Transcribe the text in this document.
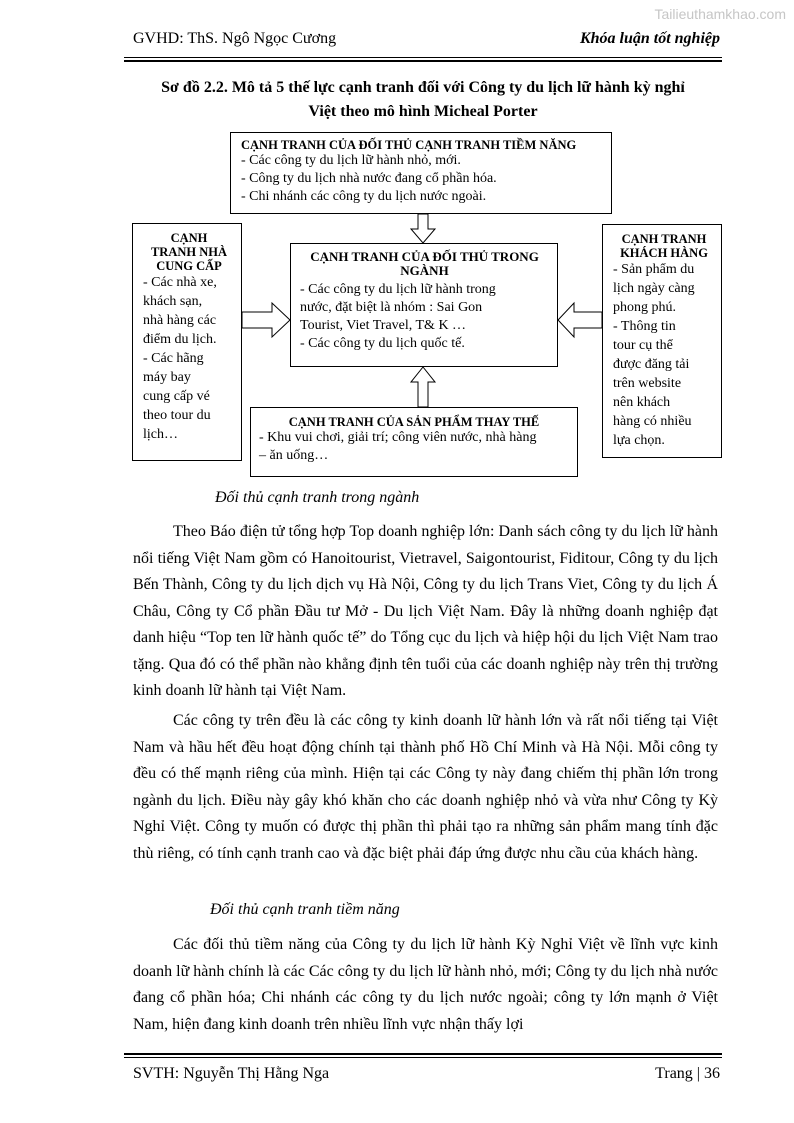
Tailieuthamkhao.com
GVHD: ThS. Ngô Ngọc Cương	Khóa luận tốt nghiệp
Sơ đồ 2.2. Mô tả 5 thế lực cạnh tranh đối với Công ty du lịch lữ hành kỳ nghỉ
Việt theo mô hình Micheal Porter
CẠNH TRANH CỦA ĐỐI THỦ CẠNH TRANH TIỀM NĂNG
- Các công ty du lịch lữ hành nhỏ, mới.
- Công ty du lịch nhà nước đang cổ phần hóa.
- Chi nhánh các công ty du lịch nước ngoài.
CẠNH TRANH CỦA ĐỐI THỦ TRONG
NGÀNH
- Các công ty du lịch lữ hành trong
nước, đặt biệt là nhóm : Sai Gon
Tourist, Viet Travel, T& K …
- Các công ty du lịch quốc tế.
CẠNH
TRANH NHÀ
CUNG CẤP
- Các nhà xe,
khách sạn,
nhà hàng các
điểm du lịch.
- Các hãng
máy bay
cung cấp vé
theo tour du
lịch…
CẠNH TRANH
KHÁCH HÀNG
- Sản phẩm du
lịch ngày càng
phong phú.
- Thông tin
tour cụ thể
được đăng tải
trên website
nên khách
hàng có nhiều
lựa chọn.
CẠNH TRANH CỦA SẢN PHẨM THAY THẾ
- Khu vui chơi, giải trí; công viên nước, nhà hàng
– ăn uống…
Đối thủ cạnh tranh trong ngành

Theo Báo điện tử tổng hợp Top doanh nghiệp lớn: Danh sách công ty du lịch lữ hành nổi tiếng Việt Nam gồm có Hanoitourist, Vietravel, Saigontourist, Fiditour, Công ty du lịch Bến Thành, Công ty du lịch dịch vụ Hà Nội, Công ty du lịch Trans Viet, Công ty du lịch Á Châu, Công ty Cổ phần Đầu tư Mở - Du lịch Việt Nam. Đây là những doanh nghiệp đạt danh hiệu “Top ten lữ hành quốc tế” do Tổng cục du lịch và hiệp hội du lịch Việt Nam trao tặng. Qua đó có thể phần nào khẳng định tên tuổi của các doanh nghiệp này trên thị trường kinh doanh lữ hành tại Việt Nam.

Các công ty trên đều là các công ty kinh doanh lữ hành lớn và rất nổi tiếng tại Việt Nam và hầu hết đều hoạt động chính tại thành phố Hồ Chí Minh và Hà Nội. Mỗi công ty đều có thế mạnh riêng của mình. Hiện tại các Công ty này đang chiếm thị phần lớn trong ngành du lịch. Điều này gây khó khăn cho các doanh nghiệp nhỏ và vừa như Công ty Kỳ Nghỉ Việt. Công ty muốn có được thị phần thì phải tạo ra những sản phẩm mang tính đặc thù riêng, có tính cạnh tranh cao và đặc biệt phải đáp ứng được nhu cầu của khách hàng.

Đối thủ cạnh tranh tiềm năng

Các đối thủ tiềm năng của Công ty du lịch lữ hành Kỳ Nghỉ Việt về lĩnh vực kinh doanh lữ hành chính là các Các công ty du lịch lữ hành nhỏ, mới; Công ty du lịch nhà nước đang cổ phần hóa; Chi nhánh các công ty du lịch nước ngoài; công ty lớn mạnh ở Việt Nam, hiện đang kinh doanh trên nhiều lĩnh vực nhận thấy lợi

SVTH: Nguyễn Thị Hằng Nga	Trang | 36
